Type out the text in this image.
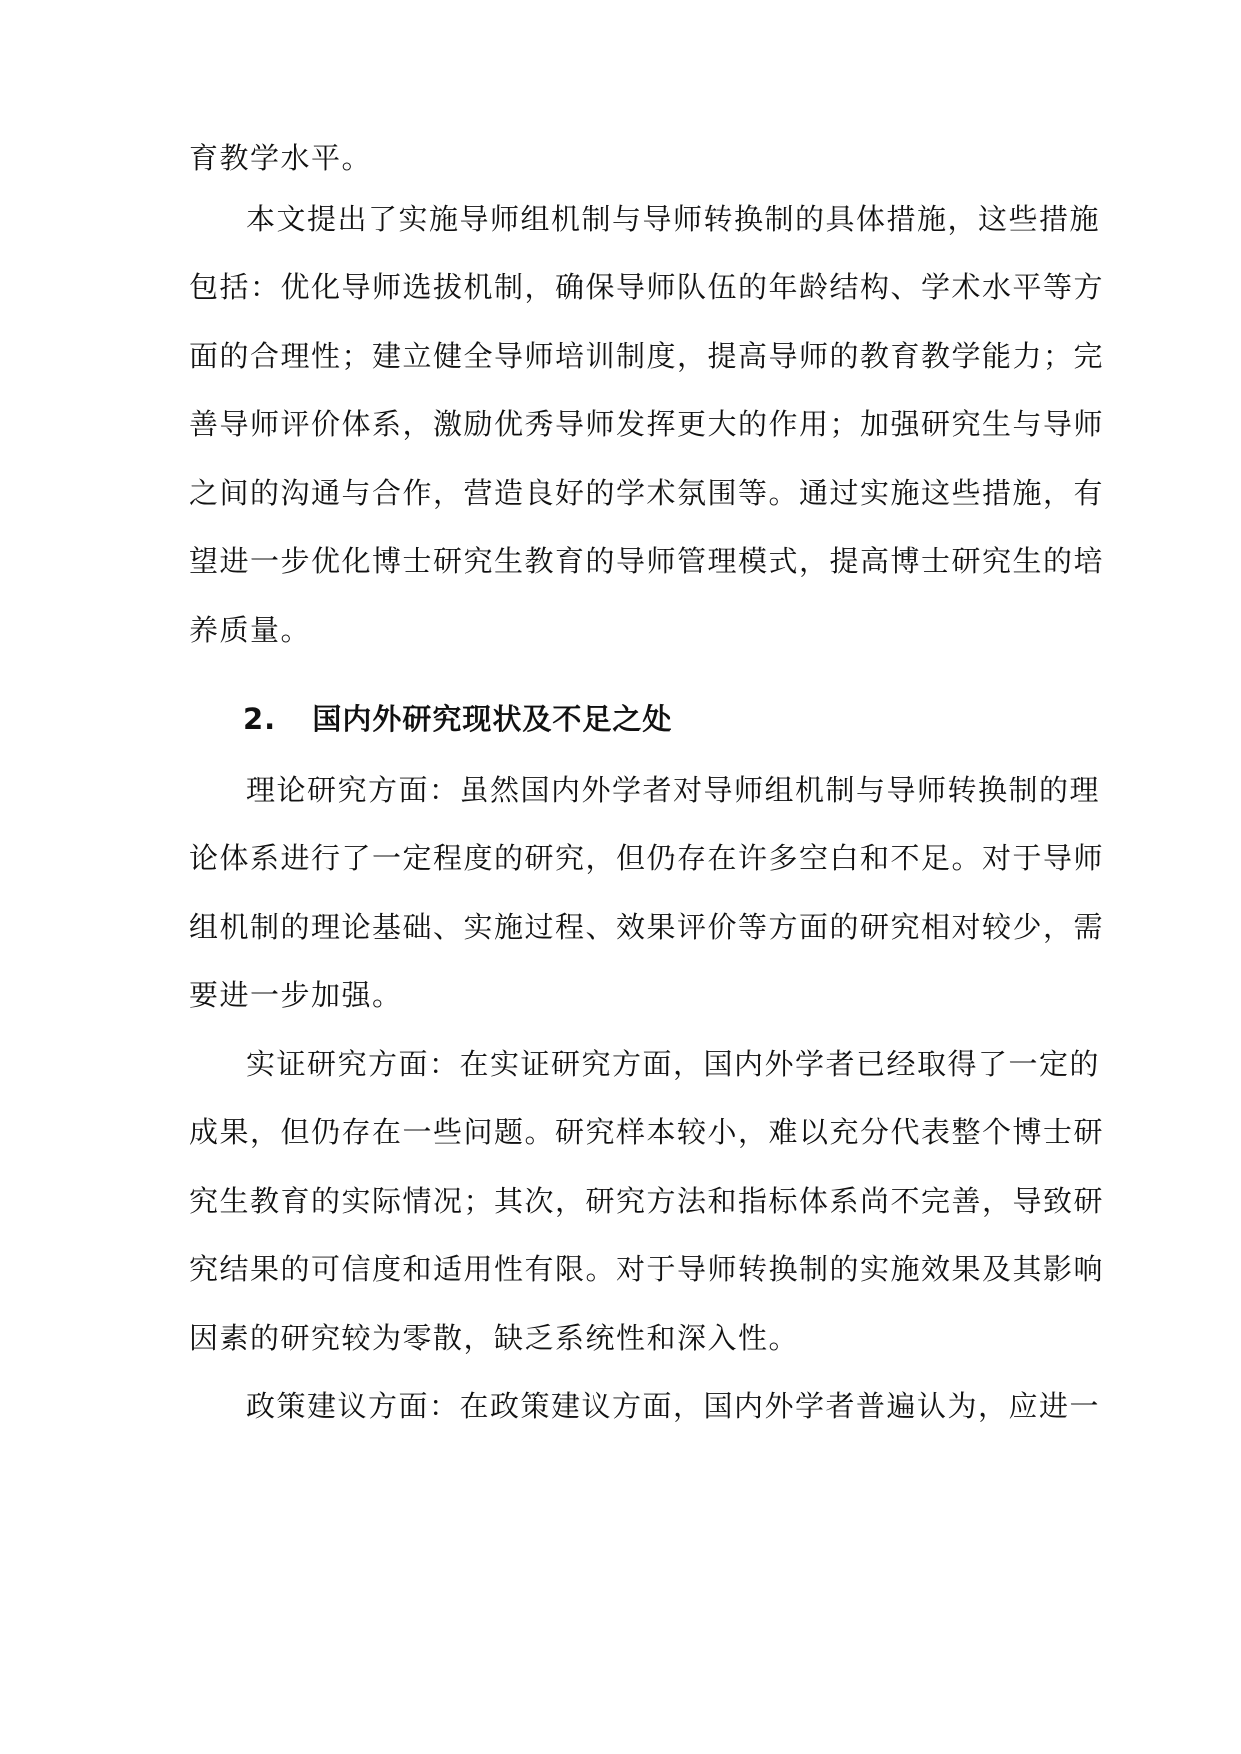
育教学水平。
本文提出了实施导师组机制与导师转换制的具体措施，这些措施
包括：优化导师选拔机制，确保导师队伍的年龄结构、学术水平等方
面的合理性；建立健全导师培训制度，提高导师的教育教学能力；完
善导师评价体系，激励优秀导师发挥更大的作用；加强研究生与导师
之间的沟通与合作，营造良好的学术氛围等。通过实施这些措施，有
望进一步优化博士研究生教育的导师管理模式，提高博士研究生的培
养质量。
2. 国内外研究现状及不足之处
理论研究方面：虽然国内外学者对导师组机制与导师转换制的理
论体系进行了一定程度的研究，但仍存在许多空白和不足。对于导师
组机制的理论基础、实施过程、效果评价等方面的研究相对较少，需
要进一步加强。
实证研究方面：在实证研究方面，国内外学者已经取得了一定的
成果，但仍存在一些问题。研究样本较小，难以充分代表整个博士研
究生教育的实际情况；其次，研究方法和指标体系尚不完善，导致研
究结果的可信度和适用性有限。对于导师转换制的实施效果及其影响
因素的研究较为零散，缺乏系统性和深入性。
政策建议方面：在政策建议方面，国内外学者普遍认为，应进一
